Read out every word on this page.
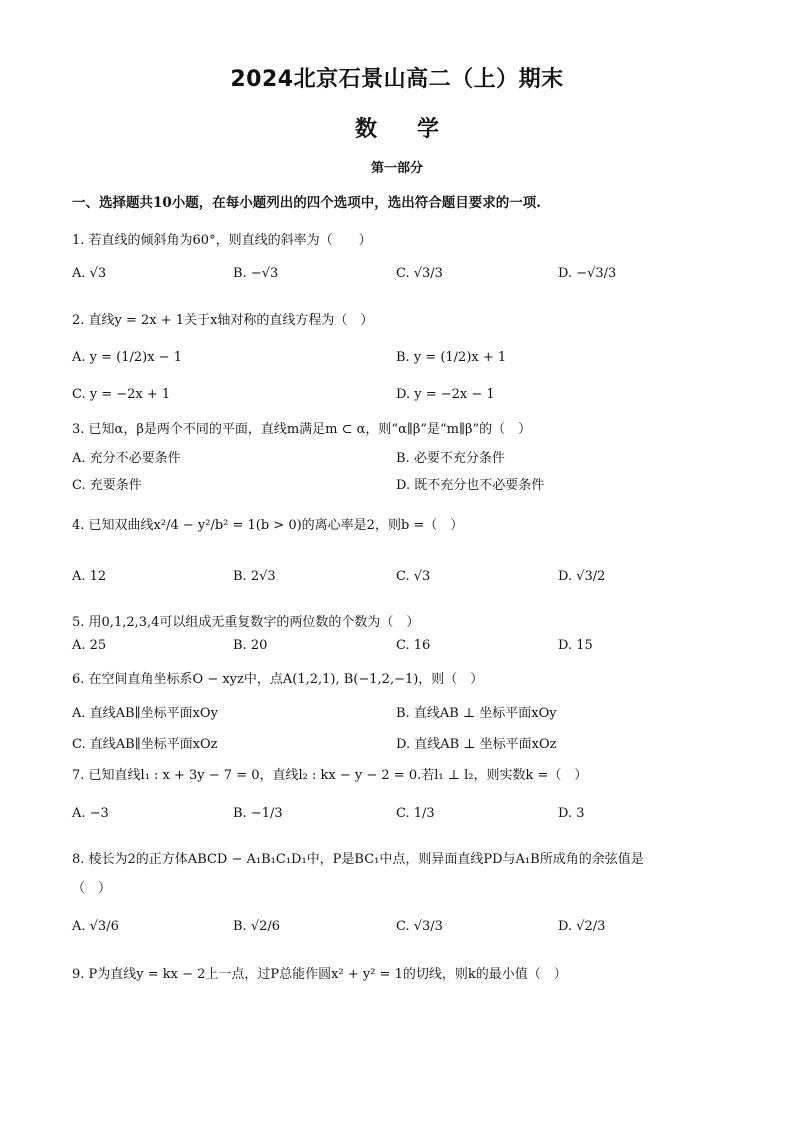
2024北京石景山高二（上）期末
数学
第一部分
一、选择题共10小题，在每小题列出的四个选项中，选出符合题目要求的一项.
1. 若直线的倾斜角为60°，则直线的斜率为（　　）
A. √3	B. −√3	C. √3/3	D. −√3/3
2. 直线y = 2x + 1关于x轴对称的直线方程为（　）
A. y = (1/2)x − 1	B. y = (1/2)x + 1
C. y = −2x + 1	D. y = −2x − 1
3. 已知α，β是两个不同的平面，直线m满足m ⊂ α，则“α∥β”是“m∥β”的（　）
A. 充分不必要条件	B. 必要不充分条件
C. 充要条件	D. 既不充分也不必要条件
4. 已知双曲线x²/4 − y²/b² = 1(b > 0)的离心率是2，则b =（　）
A. 12	B. 2√3	C. √3	D. √3/2
5. 用0,1,2,3,4可以组成无重复数字的两位数的个数为（　）
A. 25	B. 20	C. 16	D. 15
6. 在空间直角坐标系O − xyz中，点A(1,2,1), B(−1,2,−1)，则（　）
A. 直线AB∥坐标平面xOy	B. 直线AB ⊥ 坐标平面xOy
C. 直线AB∥坐标平面xOz	D. 直线AB ⊥ 坐标平面xOz
7. 已知直线l₁ : x + 3y − 7 = 0，直线l₂ : kx − y − 2 = 0.若l₁ ⊥ l₂，则实数k =（　）
A. −3	B. −1/3	C. 1/3	D. 3
8. 棱长为2的正方体ABCD − A₁B₁C₁D₁中，P是BC₁中点，则异面直线PD与A₁B所成角的余弦值是
（　）
A. √3/6	B. √2/6	C. √3/3	D. √2/3
9. P为直线y = kx − 2上一点，过P总能作圆x² + y² = 1的切线，则k的最小值（　）
